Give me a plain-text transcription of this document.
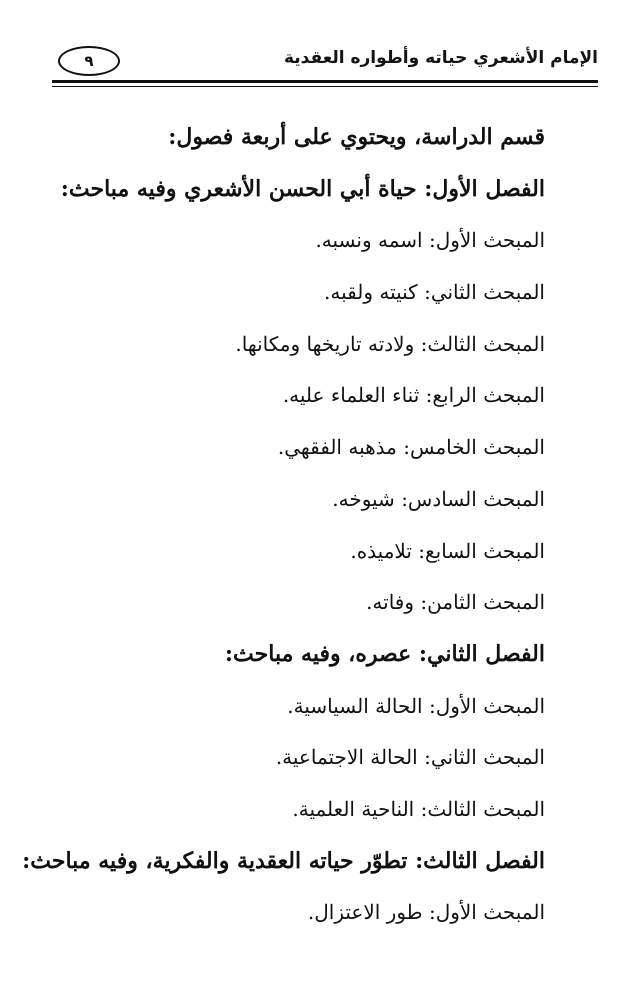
الإمام الأشعري حياته وأطواره العقدية
٩
قسم الدراسة، ويحتوي على أربعة فصول:
الفصل الأول: حياة أبي الحسن الأشعري وفيه مباحث:
المبحث الأول: اسمه ونسبه.
المبحث الثاني: كنيته ولقبه.
المبحث الثالث: ولادته تاريخها ومكانها.
المبحث الرابع: ثناء العلماء عليه.
المبحث الخامس: مذهبه الفقهي.
المبحث السادس: شيوخه.
المبحث السابع: تلاميذه.
المبحث الثامن: وفاته.
الفصل الثاني: عصره، وفيه مباحث:
المبحث الأول: الحالة السياسية.
المبحث الثاني: الحالة الاجتماعية.
المبحث الثالث: الناحية العلمية.
الفصل الثالث: تطوّر حياته العقدية والفكرية، وفيه مباحث:
المبحث الأول: طور الاعتزال.
